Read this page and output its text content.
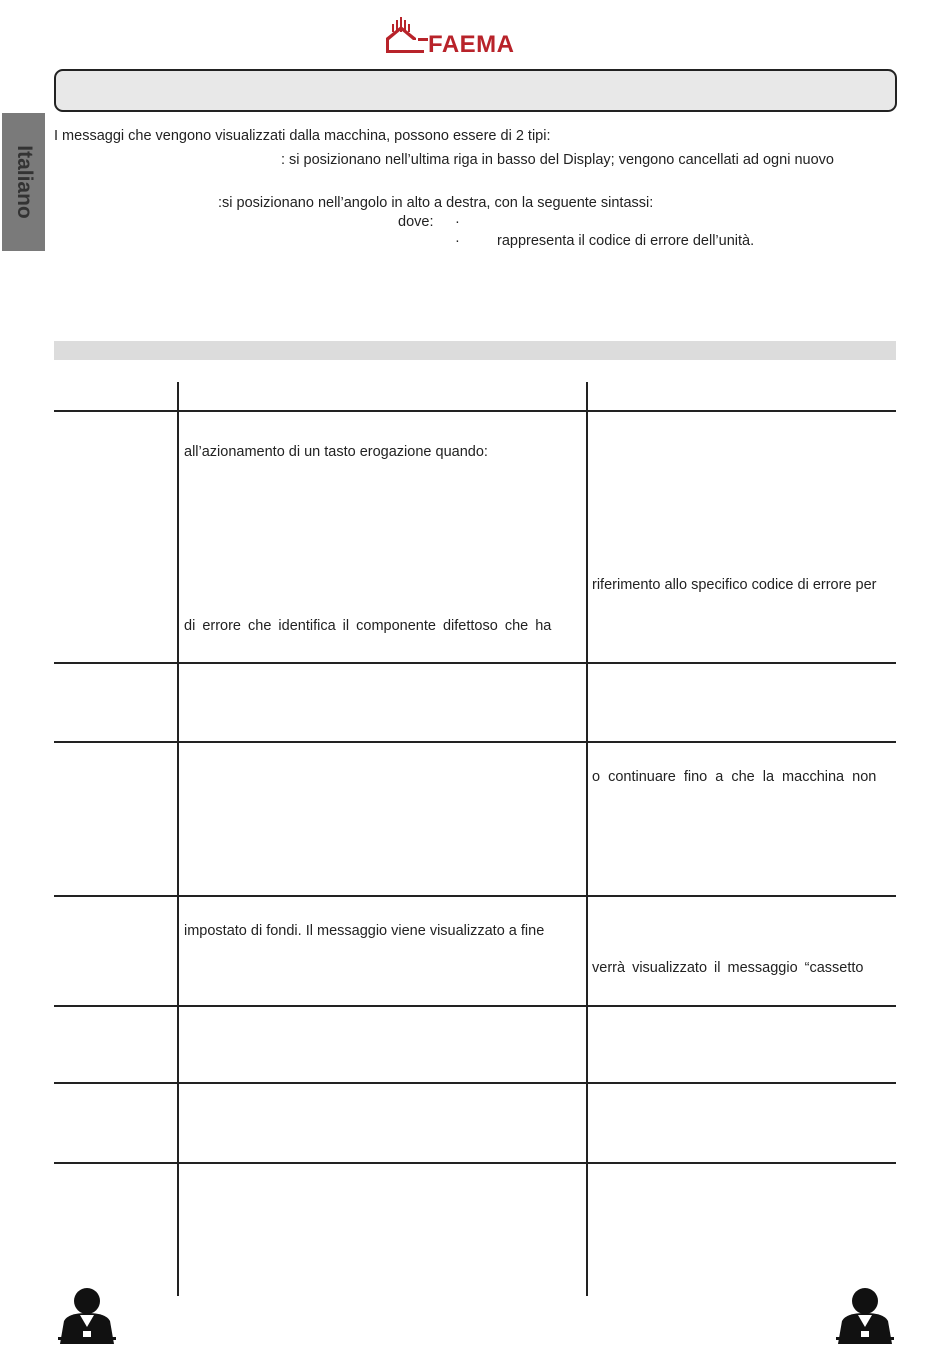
FAEMA
Italiano
I messaggi che vengono visualizzati dalla macchina, possono essere di 2 tipi:
: si posizionano nell’ultima riga in basso del Display; vengono cancellati ad ogni nuovo
:si posizionano nell’angolo in alto a destra, con la seguente sintassi:
dove: ·
·	rappresenta il codice di errore dell’unità.
all’azionamento di un tasto erogazione quando:
riferimento allo specifico codice di errore per
di errore che identifica il componente difettoso che ha
o continuare fino a che la macchina non
impostato di fondi. Il messaggio viene visualizzato a fine
verrà visualizzato il messaggio “cassetto
